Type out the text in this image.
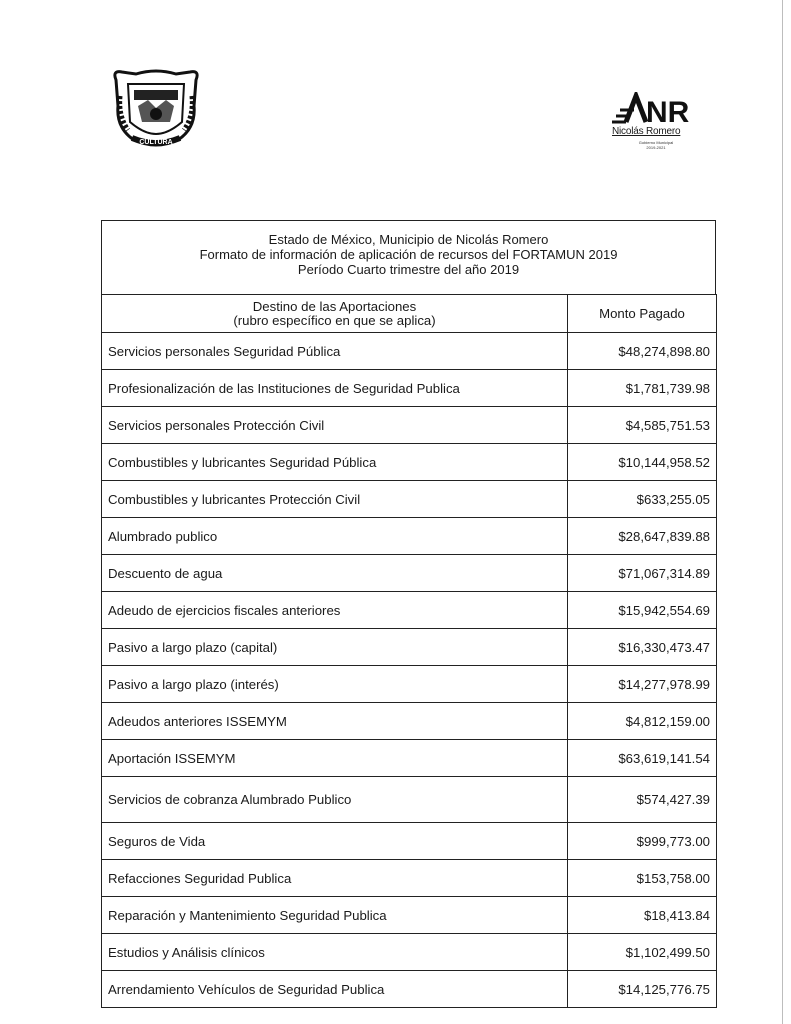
CULTURA
NR
Nicolás Romero
Gobierno Municipal
2019-2021
Estado de México, Municipio de Nicolás Romero
Formato de información de aplicación de recursos del FORTAMUN 2019
Período Cuarto trimestre del año 2019
Destino de las Aportaciones
(rubro específico en que se aplica)	Monto Pagado
Servicios personales Seguridad Pública	$48,274,898.80
Profesionalización de las Instituciones de Seguridad Publica	$1,781,739.98
Servicios personales Protección Civil	$4,585,751.53
Combustibles y lubricantes Seguridad Pública	$10,144,958.52
Combustibles y lubricantes Protección Civil	$633,255.05
Alumbrado publico	$28,647,839.88
Descuento de agua	$71,067,314.89
Adeudo de ejercicios fiscales anteriores	$15,942,554.69
Pasivo a largo plazo (capital)	$16,330,473.47
Pasivo a largo plazo (interés)	$14,277,978.99
Adeudos anteriores ISSEMYM	$4,812,159.00
Aportación ISSEMYM	$63,619,141.54
Servicios de cobranza Alumbrado Publico	$574,427.39
Seguros de Vida	$999,773.00
Refacciones Seguridad Publica	$153,758.00
Reparación y Mantenimiento Seguridad Publica	$18,413.84
Estudios y Análisis clínicos	$1,102,499.50
Arrendamiento Vehículos de Seguridad Publica	$14,125,776.75
